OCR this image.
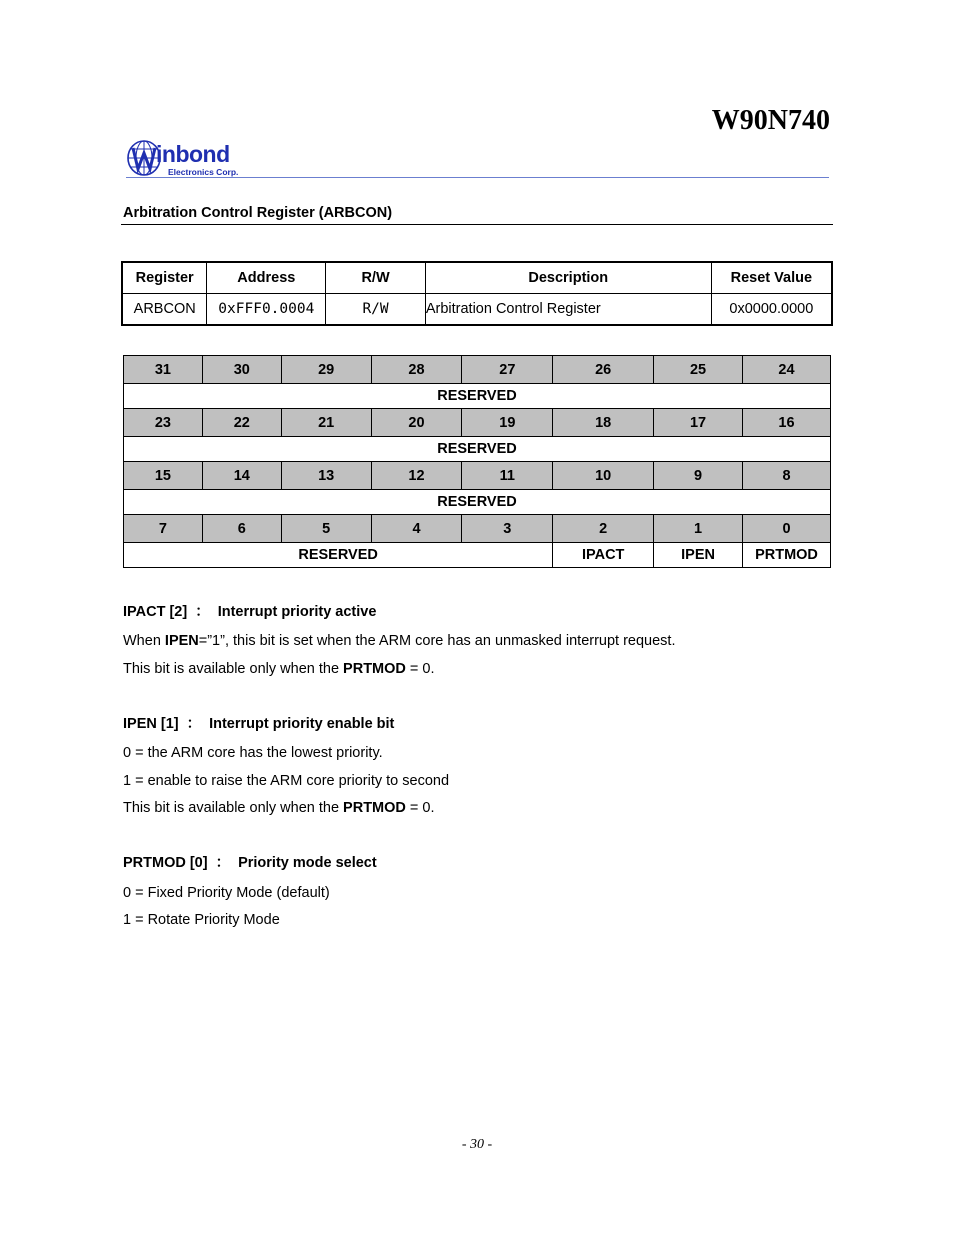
W90N740
inbond
Electronics Corp.
Arbitration Control Register (ARBCON)
Register	Address	R/W	Description	Reset Value
ARBCON	0xFFF0.0004	R/W	Arbitration Control Register	0x0000.0000
31	30	29	28	27	26	25	24
RESERVED							
23	22	21	20	19	18	17	16
RESERVED							
15	14	13	12	11	10	9	8
RESERVED							
7	6	5	4	3	2	1	0
RESERVED					IPACT	IPEN	PRTMOD

IPACT [2] ： Interrupt priority active

When IPEN=”1”, this bit is set when the ARM core has an unmasked interrupt request.

This bit is available only when the PRTMOD = 0.

IPEN [1] ： Interrupt priority enable bit

0 = the ARM core has the lowest priority.

1 = enable to raise the ARM core priority to second

This bit is available only when the PRTMOD = 0.

PRTMOD [0] ： Priority mode select

0 = Fixed Priority Mode (default)

1 = Rotate Priority Mode

- 30 -
